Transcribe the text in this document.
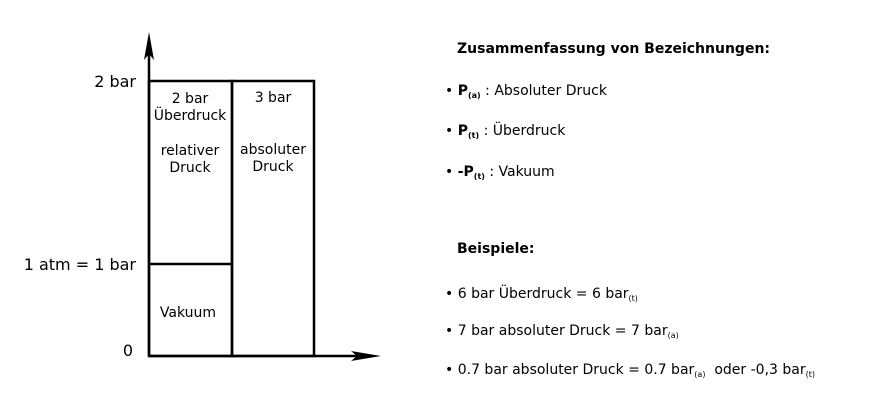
2 bar
1 atm = 1 bar
0
2 bar
Überdruck
relativer
Druck
Vakuum
3 bar
absoluter
Druck
Zusammenfassung von Bezeichnungen:
• $P_{(a)}$ : Absoluter Druck
• $P_{(t)}$ : Überdruck
• $-P_{(t)}$ : Vakuum
Beispiele:
• 6 bar Überdruck = 6 bar$_{(t)}$
• 7 bar absoluter Druck = 7 bar$_{(a)}$
• 0.7 bar absoluter Druck = 0.7 bar$_{(a)}$  oder -0,3 bar$_{(t)}$
